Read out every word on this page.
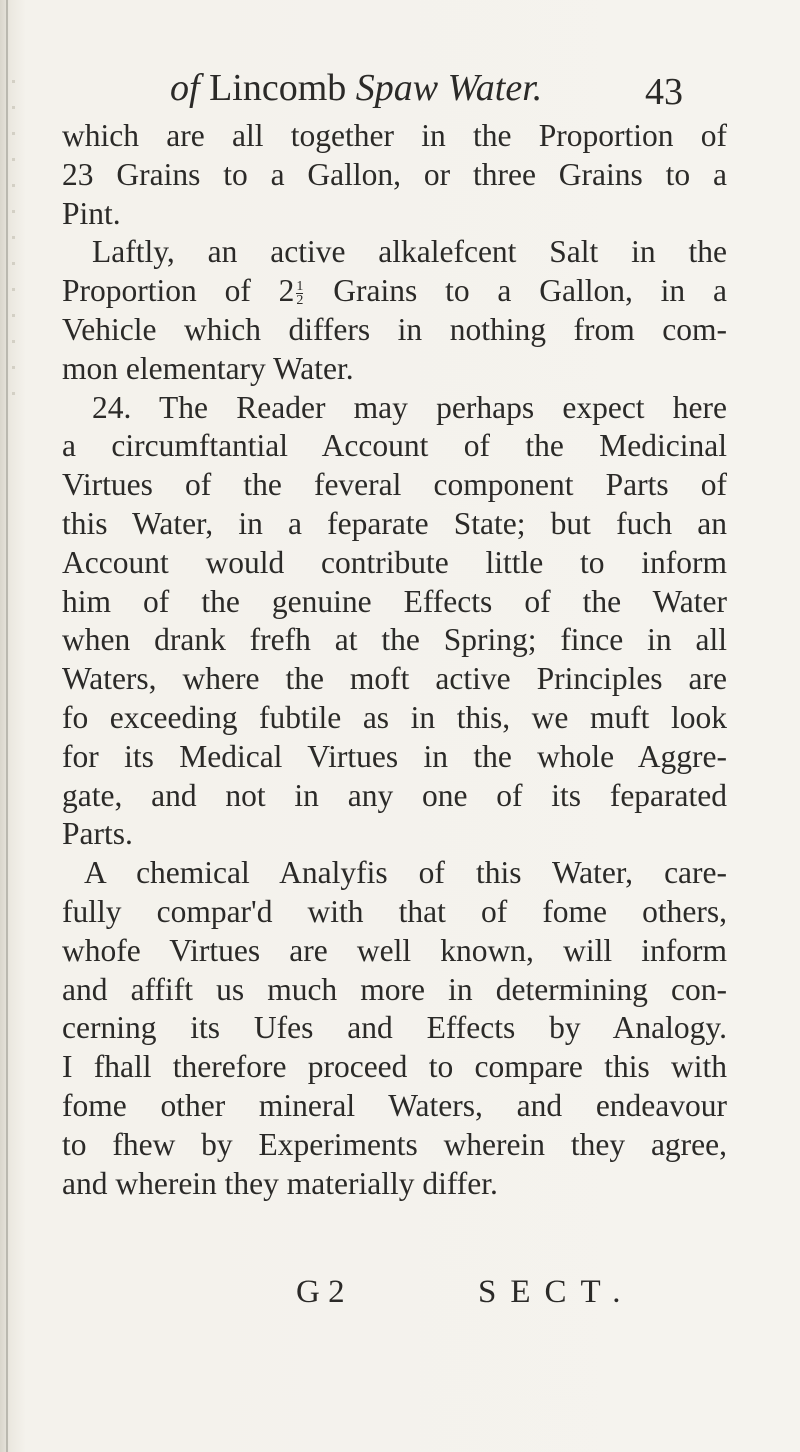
of Lincomb Spaw Water.	43
which are all together in the Proportion of
23 Grains to a Gallon, or three Grains to a
Pint.
Laftly, an active alkalefcent Salt in the
Proportion of $2 \frac{1}{2}$ Grains to a Gallon, in a
Vehicle which differs in nothing from com-
mon elementary Water.
24. The Reader may perhaps expect here
a circumftantial Account of the Medicinal
Virtues of the feveral component Parts of
this Water, in a feparate State; but fuch an
Account would contribute little to inform
him of the genuine Effects of the Water
when drank frefh at the Spring; fince in all
Waters, where the moft active Principles are
fo exceeding fubtile as in this, we muft look
for its Medical Virtues in the whole Aggre-
gate, and not in any one of its feparated
Parts.
A chemical Analyfis of this Water, care-
fully compar'd with that of fome others,
whofe Virtues are well known, will inform
and affift us much more in determining con-
cerning its Ufes and Effects by Analogy.
I fhall therefore proceed to compare this with
fome other mineral Waters, and endeavour
to fhew by Experiments wherein they agree,
and wherein they materially differ.
G 2	SECT.
